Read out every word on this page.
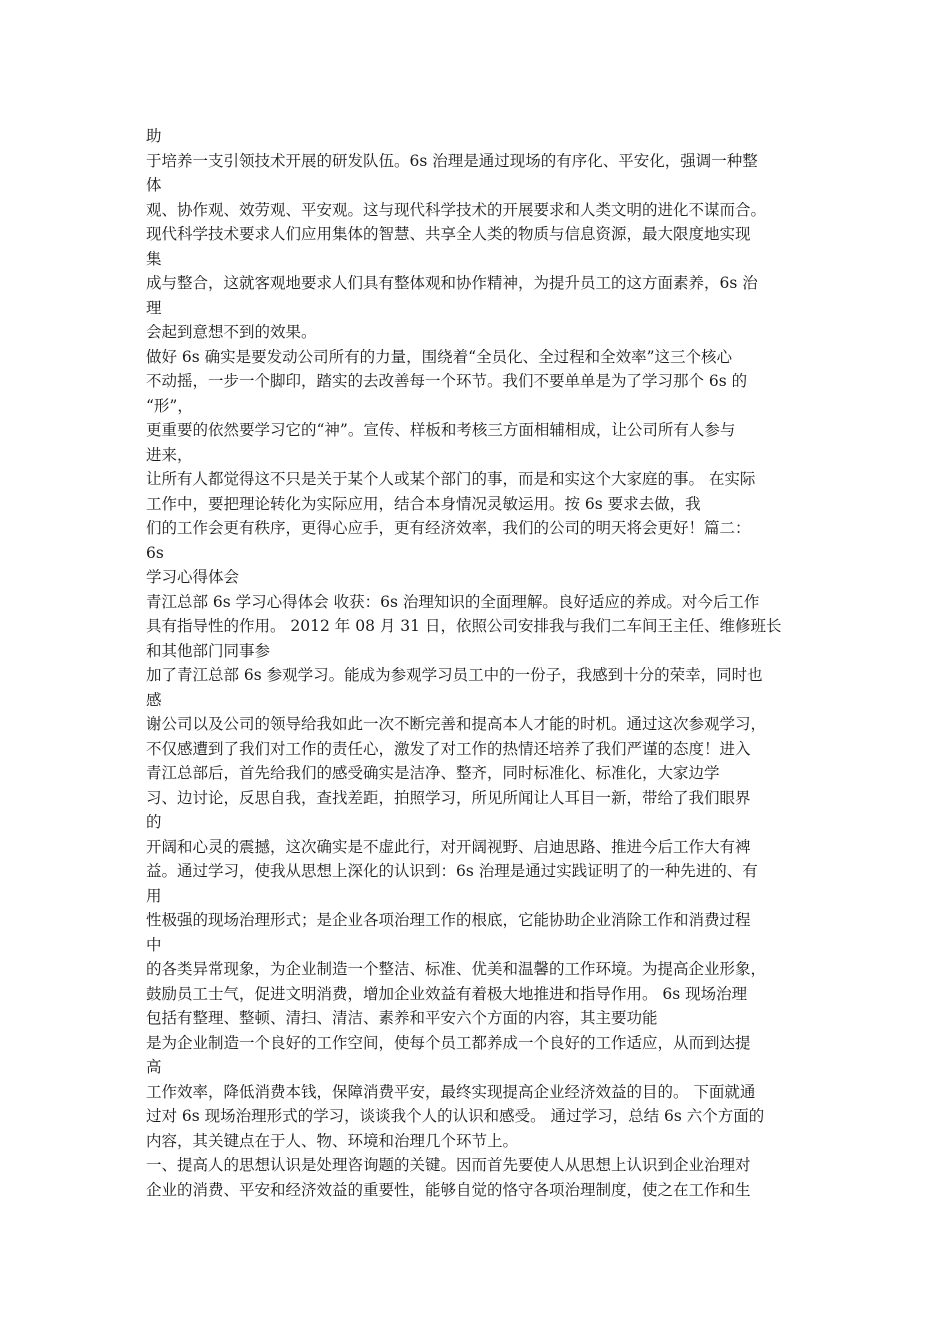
助
于培养一支引领技术开展的研发队伍。6s 治理是通过现场的有序化、平安化，强调一种整
体
观、协作观、效劳观、平安观。这与现代科学技术的开展要求和人类文明的进化不谋而合。
现代科学技术要求人们应用集体的智慧、共享全人类的物质与信息资源，最大限度地实现
集
成与整合，这就客观地要求人们具有整体观和协作精神，为提升员工的这方面素养，6s 治
理
会起到意想不到的效果。
做好 6s 确实是要发动公司所有的力量，围绕着“全员化、全过程和全效率”这三个核心
不动摇，一步一个脚印，踏实的去改善每一个环节。我们不要单单是为了学习那个 6s 的
“形”，
更重要的依然要学习它的“神”。宣传、样板和考核三方面相辅相成，让公司所有人参与
进来，
让所有人都觉得这不只是关于某个人或某个部门的事，而是和实这个大家庭的事。 在实际
工作中，要把理论转化为实际应用，结合本身情况灵敏运用。按 6s 要求去做，我
们的工作会更有秩序，更得心应手，更有经济效率，我们的公司的明天将会更好！篇二：
6s
学习心得体会
青江总部 6s 学习心得体会 收获：6s 治理知识的全面理解。良好适应的养成。对今后工作
具有指导性的作用。 2012 年 08 月 31 日，依照公司安排我与我们二车间王主任、维修班长
和其他部门同事参
加了青江总部 6s 参观学习。能成为参观学习员工中的一份子，我感到十分的荣幸，同时也
感
谢公司以及公司的领导给我如此一次不断完善和提高本人才能的时机。通过这次参观学习，
不仅感遭到了我们对工作的责任心，激发了对工作的热情还培养了我们严谨的态度！进入
青江总部后，首先给我们的感受确实是洁净、整齐，同时标准化、标准化，大家边学
习、边讨论，反思自我，查找差距，拍照学习，所见所闻让人耳目一新，带给了我们眼界
的
开阔和心灵的震撼，这次确实是不虚此行，对开阔视野、启迪思路、推进今后工作大有裨
益。通过学习，使我从思想上深化的认识到：6s 治理是通过实践证明了的一种先进的、有
用
性极强的现场治理形式；是企业各项治理工作的根底，它能协助企业消除工作和消费过程
中
的各类异常现象，为企业制造一个整洁、标准、优美和温馨的工作环境。为提高企业形象，
鼓励员工士气，促进文明消费，增加企业效益有着极大地推进和指导作用。 6s 现场治理
包括有整理、整顿、清扫、清洁、素养和平安六个方面的内容，其主要功能
是为企业制造一个良好的工作空间，使每个员工都养成一个良好的工作适应，从而到达提
高
工作效率，降低消费本钱，保障消费平安，最终实现提高企业经济效益的目的。 下面就通
过对 6s 现场治理形式的学习，谈谈我个人的认识和感受。 通过学习，总结 6s 六个方面的
内容，其关键点在于人、物、环境和治理几个环节上。
一、提高人的思想认识是处理咨询题的关键。因而首先要使人从思想上认识到企业治理对
企业的消费、平安和经济效益的重要性，能够自觉的恪守各项治理制度，使之在工作和生
